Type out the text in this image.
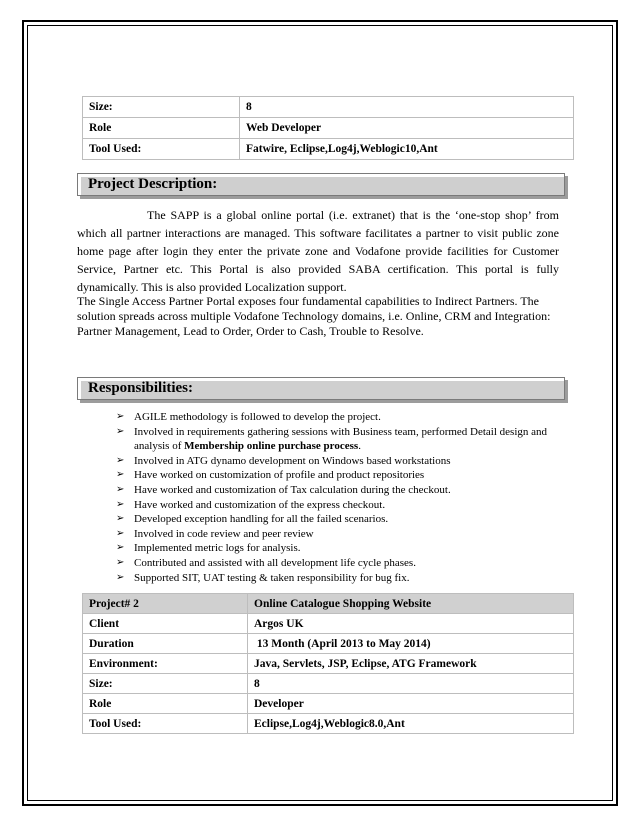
Size:	8
Role	Web Developer
Tool Used:	Fatwire, Eclipse,Log4j,Weblogic10,Ant
Project Description:
The SAPP is a global online portal (i.e. extranet) that is the ‘one-stop shop’ from which all partner interactions are managed. This software facilitates a partner to visit public zone home page after login they enter the private zone and Vodafone provide facilities for Customer Service, Partner etc. This Portal is also provided SABA certification. This portal is fully dynamically. This is also provided Localization support.

The Single Access Partner Portal exposes four fundamental capabilities to Indirect Partners. The solution spreads across multiple Vodafone Technology domains, i.e. Online, CRM and Integration:

Partner Management, Lead to Order, Order to Cash, Trouble to Resolve.

Responsibilities:
➢ AGILE methodology is followed to develop the project.
➢ Involved in requirements gathering sessions with Business team, performed Detail design and analysis of Membership online purchase process.
➢ Involved in ATG dynamo development on Windows based workstations
➢ Have worked on customization of profile and product repositories
➢ Have worked and customization of Tax calculation during the checkout.
➢ Have worked and customization of the express checkout.
➢ Developed exception handling for all the failed scenarios.
➢ Involved in code review and peer review
➢ Implemented metric logs for analysis.
➢ Contributed and assisted with all development life cycle phases.
➢ Supported SIT, UAT testing & taken responsibility for bug fix.
Project# 2	Online Catalogue Shopping Website
Client	Argos UK
Duration	13 Month (April 2013 to May 2014)
Environment:	Java, Servlets, JSP, Eclipse, ATG Framework
Size:	8
Role	Developer
Tool Used:	Eclipse,Log4j,Weblogic8.0,Ant
